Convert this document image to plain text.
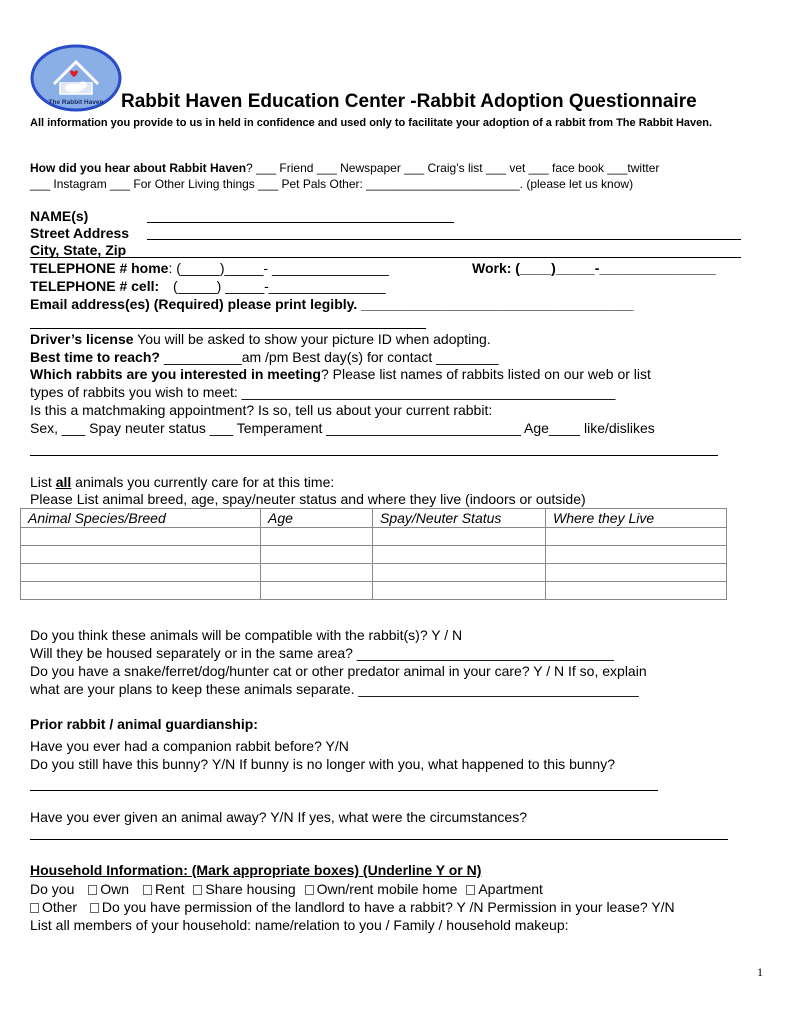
The Rabbit Haven Rabbit Haven Education Center -Rabbit Adoption Questionnaire
All information you provide to us in held in confidence and used only to facilitate your adoption of a rabbit from The Rabbit Haven.
How did you hear about Rabbit Haven? ___ Friend ___ Newspaper ___ Craig’s list ___ vet ___ face book ___twitter
___ Instagram ___ For Other Living things ___ Pet Pals Other: _______________________. (please let us know)
NAME(s)
Street Address
City, State, Zip
TELEPHONE # home: (_____)_____- _______________	Work: (____)_____-_______________
TELEPHONE # cell: (_____) _____-_______________
Email address(es) (Required) please print legibly. ___________________________________
Driver’s license You will be asked to show your picture ID when adopting.
Best time to reach? __________am /pm Best day(s) for contact ________
Which rabbits are you interested in meeting? Please list names of rabbits listed on our web or list
types of rabbits you wish to meet: ________________________________________________
Is this a matchmaking appointment? Is so, tell us about your current rabbit:
Sex, ___ Spay neuter status ___ Temperament _________________________ Age____ like/dislikes
List all animals you currently care for at this time:
Please List animal breed, age, spay/neuter status and where they live (indoors or outside)
Animal Species/Breed	Age	Spay/Neuter Status	Where they Live

Do you think these animals will be compatible with the rabbit(s)? Y / N
Will they be housed separately or in the same area? _________________________________
Do you have a snake/ferret/dog/hunter cat or other predator animal in your care? Y / N If so, explain
what are your plans to keep these animals separate. ____________________________________
Prior rabbit / animal guardianship:
Have you ever had a companion rabbit before? Y/N
Do you still have this bunny? Y/N If bunny is no longer with you, what happened to this bunny?
Have you ever given an animal away? Y/N If yes, what were the circumstances?
Household Information: (Mark appropriate boxes) (Underline Y or N)
Do you Own Rent Share housing Own/rent mobile home Apartment
Other Do you have permission of the landlord to have a rabbit? Y /N Permission in your lease? Y/N
List all members of your household: name/relation to you / Family / household makeup:
1
